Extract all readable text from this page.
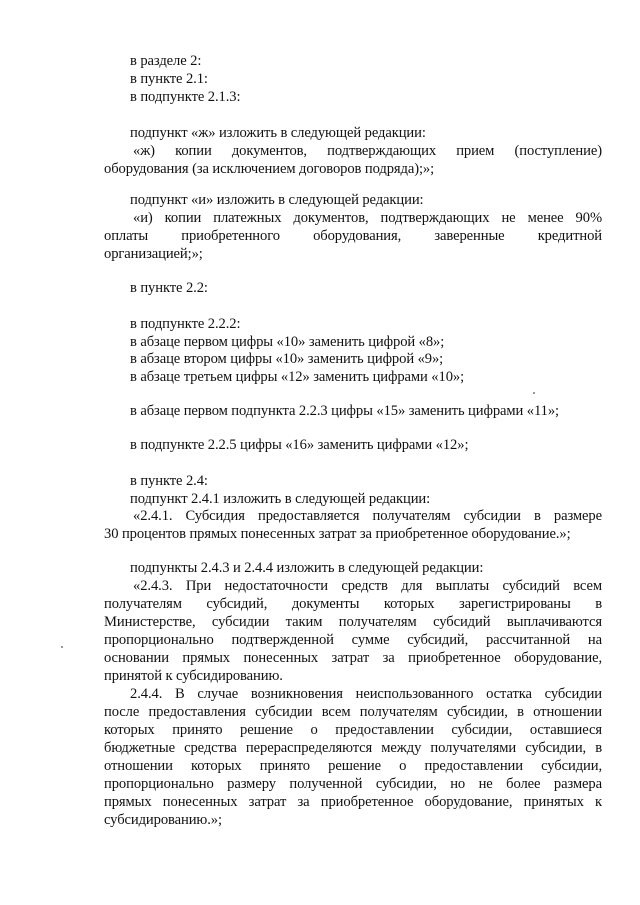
в разделе 2:
в пункте 2.1:
в подпункте 2.1.3:
подпункт «ж» изложить в следующей редакции:
«ж) копии документов, подтверждающих прием (поступление)
оборудования (за исключением договоров подряда);»;
подпункт «и» изложить в следующей редакции:
«и) копии платежных документов, подтверждающих не менее 90%
оплаты приобретенного оборудования, заверенные кредитной
организацией;»;
в пункте 2.2:
в подпункте 2.2.2:
в абзаце первом цифры «10» заменить цифрой «8»;
в абзаце втором цифры «10» заменить цифрой «9»;
в абзаце третьем цифры «12» заменить цифрами «10»;
в абзаце первом подпункта 2.2.3 цифры «15» заменить цифрами «11»;
в подпункте 2.2.5 цифры «16» заменить цифрами «12»;
в пункте 2.4:
подпункт 2.4.1 изложить в следующей редакции:
«2.4.1. Субсидия предоставляется получателям субсидии в размере
30 процентов прямых понесенных затрат за приобретенное оборудование.»;
подпункты 2.4.3 и 2.4.4 изложить в следующей редакции:
«2.4.3. При недостаточности средств для выплаты субсидий всем
получателям субсидий, документы которых зарегистрированы в
Министерстве, субсидии таким получателям субсидий выплачиваются
пропорционально подтвержденной сумме субсидий, рассчитанной на
основании прямых понесенных затрат за приобретенное оборудование,
принятой к субсидированию.
2.4.4. В случае возникновения неиспользованного остатка субсидии
после предоставления субсидии всем получателям субсидии, в отношении
которых принято решение о предоставлении субсидии, оставшиеся
бюджетные средства перераспределяются между получателями субсидии, в
отношении которых принято решение о предоставлении субсидии,
пропорционально размеру полученной субсидии, но не более размера
прямых понесенных затрат за приобретенное оборудование, принятых к
субсидированию.»;
